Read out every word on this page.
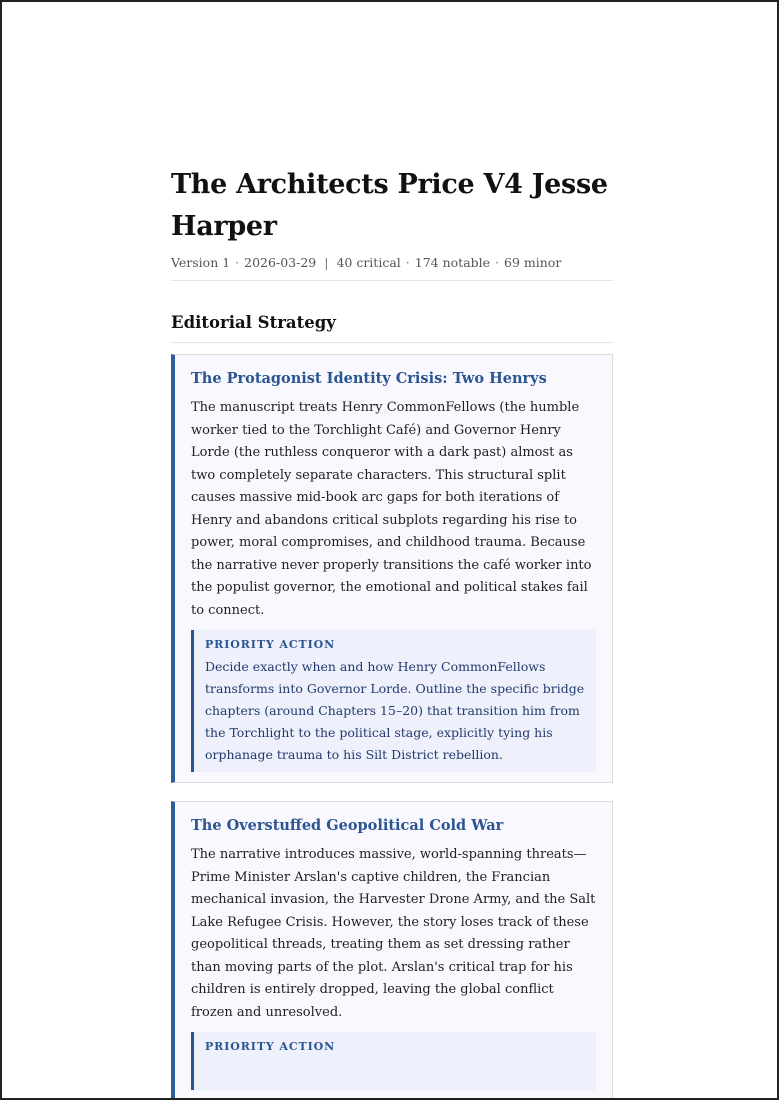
The Architects Price V4 Jesse Harper
Version 1 · 2026-03-29 | 40 critical · 174 notable · 69 minor
Editorial Strategy
The Protagonist Identity Crisis: Two Henrys

The manuscript treats Henry CommonFellows (the humble worker tied to the Torchlight Café) and Governor Henry Lorde (the ruthless conqueror with a dark past) almost as two completely separate characters. This structural split causes massive mid-book arc gaps for both iterations of Henry and abandons critical subplots regarding his rise to power, moral compromises, and childhood trauma. Because the narrative never properly transitions the café worker into the populist governor, the emotional and political stakes fail to connect.

PRIORITY ACTION

Decide exactly when and how Henry CommonFellows transforms into Governor Lorde. Outline the specific bridge chapters (around Chapters 15–20) that transition him from the Torchlight to the political stage, explicitly tying his orphanage trauma to his Silt District rebellion.

The Overstuffed Geopolitical Cold War

The narrative introduces massive, world-spanning threats—Prime Minister Arslan's captive children, the Francian mechanical invasion, the Harvester Drone Army, and the Salt Lake Refugee Crisis. However, the story loses track of these geopolitical threads, treating them as set dressing rather than moving parts of the plot. Arslan's critical trap for his children is entirely dropped, leaving the global conflict frozen and unresolved.

PRIORITY ACTION
